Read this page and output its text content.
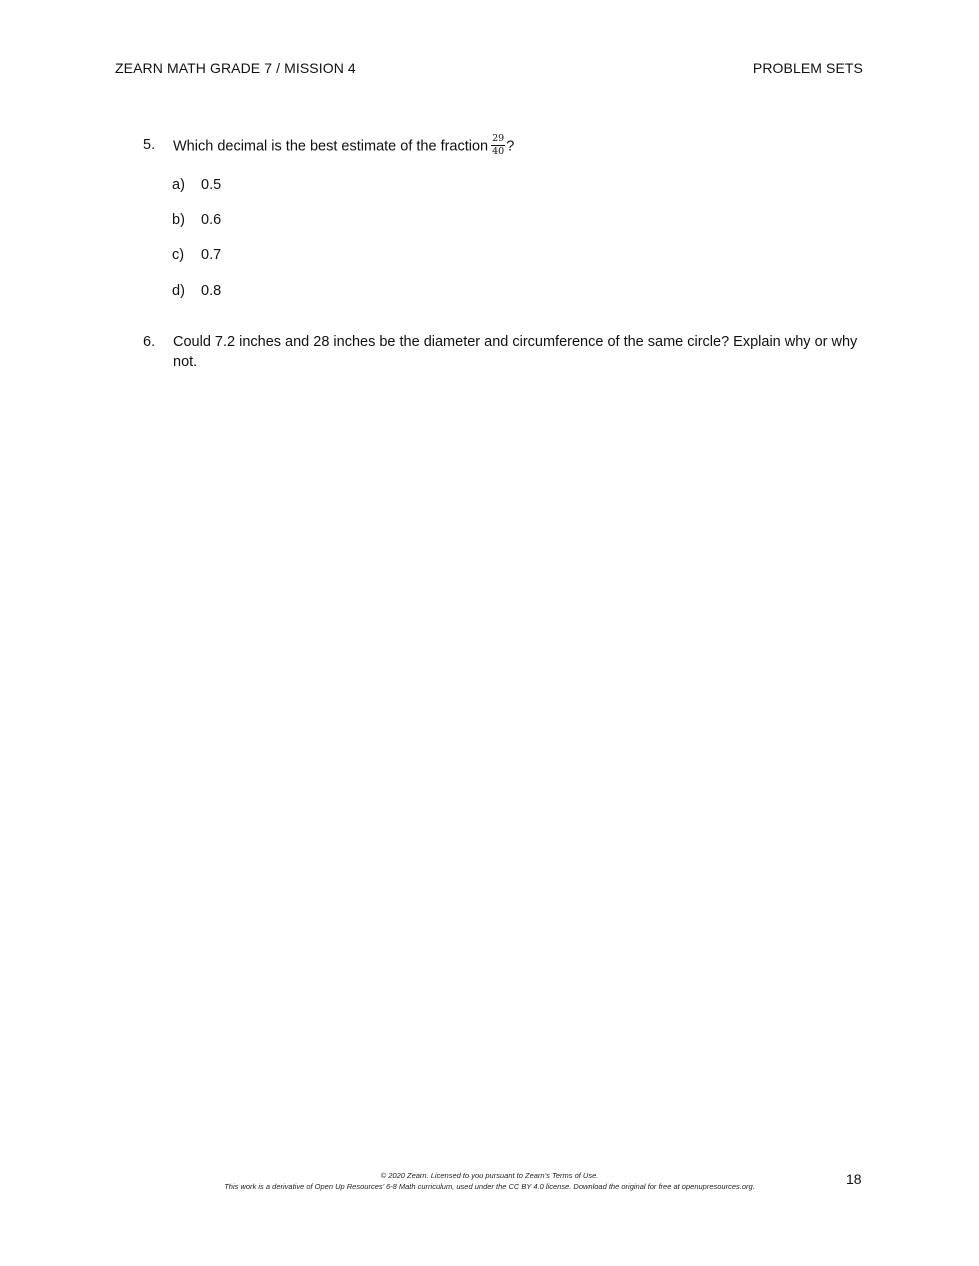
ZEARN MATH GRADE 7 / MISSION 4	PROBLEM SETS
5. Which decimal is the best estimate of the fraction $\frac{29}{40}$ ?
a) 0.5
b) 0.6
c) 0.7
d) 0.8
6. Could 7.2 inches and 28 inches be the diameter and circumference of the same circle? Explain why or why not.
© 2020 Zearn. Licensed to you pursuant to Zearn’s Terms of Use.
This work is a derivative of Open Up Resources’ 6-8 Math curriculum, used under the CC BY 4.0 license. Download the original for free at openupresources.org.	18
